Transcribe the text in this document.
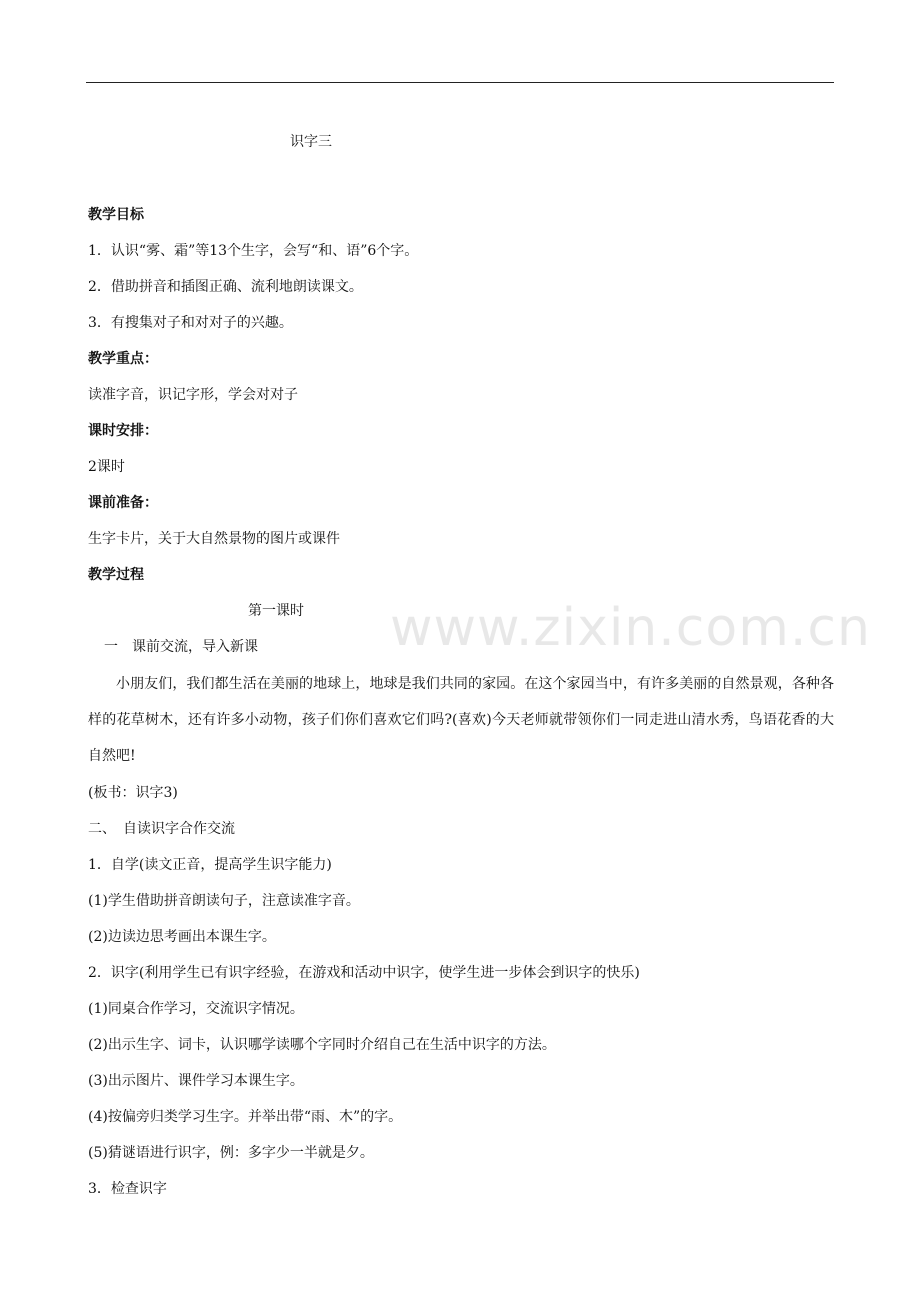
识字三
教学目标
1．认识“雾、霜”等13个生字，会写“和、语”6个字。
2．借助拼音和插图正确、流利地朗读课文。
3．有搜集对子和对对子的兴趣。
教学重点：
读准字音，识记字形，学会对对子
课时安排：
2课时
课前准备：
生字卡片，关于大自然景物的图片或课件
教学过程
第一课时
一　课前交流，导入新课
小朋友们，我们都生活在美丽的地球上，地球是我们共同的家园。在这个家园当中，有许多美丽的自然景观，各种各样的花草树木，还有许多小动物，孩子们你们喜欢它们吗?(喜欢)今天老师就带领你们一同走进山清水秀，鸟语花香的大自然吧!
(板书：识字3)
二、　自读识字合作交流
1．自学(读文正音，提高学生识字能力)
(1)学生借助拼音朗读句子，注意读准字音。
(2)边读边思考画出本课生字。
2．识字(利用学生已有识字经验，在游戏和活动中识字，使学生进一步体会到识字的快乐)
(1)同桌合作学习，交流识字情况。
(2)出示生字、词卡，认识哪学读哪个字同时介绍自己在生活中识字的方法。
(3)出示图片、课件学习本课生字。
(4)按偏旁归类学习生字。并举出带“雨、木”的字。
(5)猜谜语进行识字，例：多字少一半就是夕。
3．检查识字
www.zixin.com.cn
